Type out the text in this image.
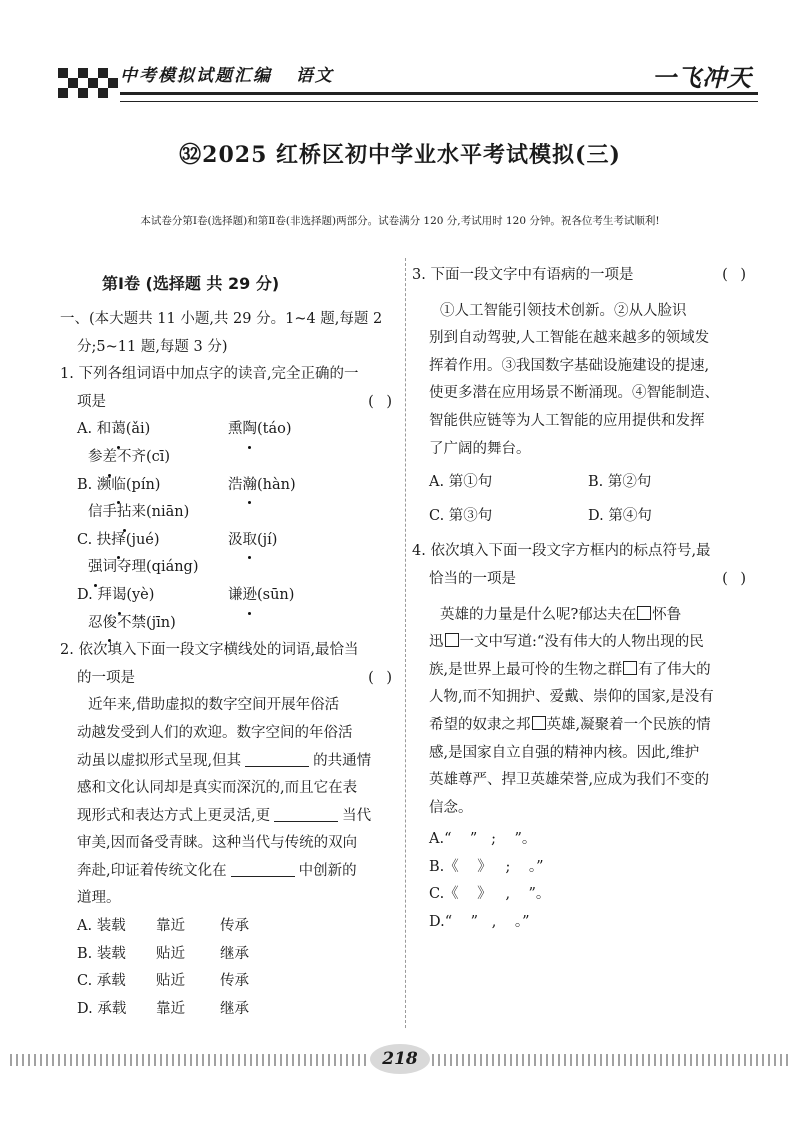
中考模拟试题汇编   语文	一飞冲天
㉜2025 红桥区初中学业水平考试模拟(三)
本试卷分第Ⅰ卷(选择题)和第Ⅱ卷(非选择题)两部分。试卷满分 120 分,考试用时 120 分钟。祝各位考生考试顺利!
第Ⅰ卷 (选择题 共 29 分)
一、(本大题共 11 小题,共 29 分。1~4 题,每题 2
分;5~11 题,每题 3 分)
1. 下列各组词语中加点字的读音,完全正确的一
项是	( )
A. 和蔼(ǎi)	熏陶(táo)
参差不齐(cī)
B. 濒临(pín)	浩瀚(hàn)
信手拈来(niān)
C. 抉择(jué)	汲取(jí)
强词夺理(qiáng)
D. 拜谒(yè)	谦逊(sūn)
忍俊不禁(jīn)
2. 依次填入下面一段文字横线处的词语,最恰当
的一项是	( )
近年来,借助虚拟的数字空间开展年俗活
动越发受到人们的欢迎。数字空间的年俗活
动虽以虚拟形式呈现,但其	的共通情
感和文化认同却是真实而深沉的,而且它在表
现形式和表达方式上更灵活,更	当代
审美,因而备受青睐。这种当代与传统的双向
奔赴,印证着传统文化在	中创新的
道理。
A. 装载 靠近 传承
B. 装载 贴近 继承
C. 承载 贴近 传承
D. 承载 靠近 继承
3. 下面一段文字中有语病的一项是	( )
①人工智能引领技术创新。②从人脸识
别到自动驾驶,人工智能在越来越多的领域发
挥着作用。③我国数字基础设施建设的提速,
使更多潜在应用场景不断涌现。④智能制造、
智能供应链等为人工智能的应用提供和发挥
了广阔的舞台。
A. 第①句	B. 第②句
C. 第③句	D. 第④句
4. 依次填入下面一段文字方框内的标点符号,最
恰当的一项是	( )
英雄的力量是什么呢?郁达夫在 怀鲁
迅 一文中写道:“没有伟大的人物出现的民
族,是世界上最可怜的生物之群 有了伟大的
人物,而不知拥护、爱戴、崇仰的国家,是没有
希望的奴隶之邦 英雄,凝聚着一个民族的情
感,是国家自立自强的精神内核。因此,维护
英雄尊严、捍卫英雄荣誉,应成为我们不变的
信念。
A.“    ”   ;    ”。
B.《    》   ;    。”
C.《    》   ,    ”。
D.“    ”   ,    。”
218
